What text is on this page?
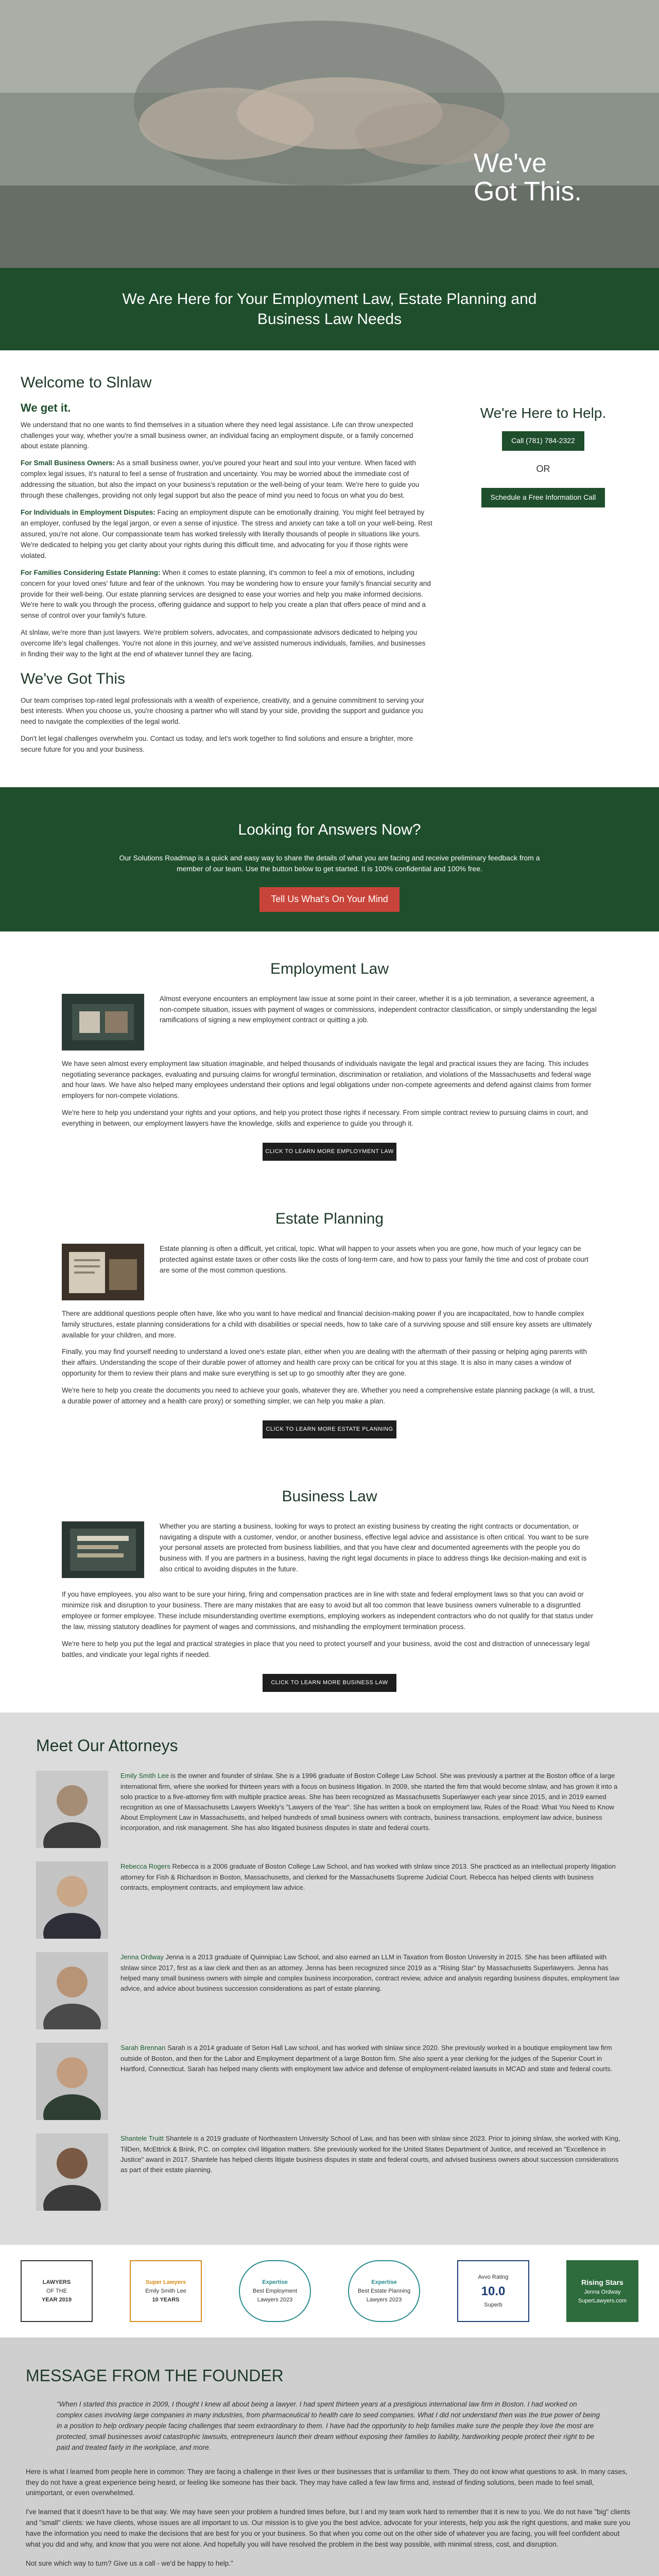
We've
Got This.
We Are Here for Your Employment Law, Estate Planning and Business Law Needs
Welcome to Slnlaw
We get it.

We understand that no one wants to find themselves in a situation where they need legal assistance. Life can throw unexpected challenges your way, whether you're a small business owner, an individual facing an employment dispute, or a family concerned about estate planning.

For Small Business Owners: As a small business owner, you've poured your heart and soul into your venture. When faced with complex legal issues, it's natural to feel a sense of frustration and uncertainty. You may be worried about the immediate cost of addressing the situation, but also the impact on your business's reputation or the well-being of your team. We're here to guide you through these challenges, providing not only legal support but also the peace of mind you need to focus on what you do best.

For Individuals in Employment Disputes: Facing an employment dispute can be emotionally draining. You might feel betrayed by an employer, confused by the legal jargon, or even a sense of injustice. The stress and anxiety can take a toll on your well-being. Rest assured, you're not alone. Our compassionate team has worked tirelessly with literally thousands of people in situations like yours. We're dedicated to helping you get clarity about your rights during this difficult time, and advocating for you if those rights were violated.

For Families Considering Estate Planning: When it comes to estate planning, it's common to feel a mix of emotions, including concern for your loved ones' future and fear of the unknown. You may be wondering how to ensure your family's financial security and provide for their well-being. Our estate planning services are designed to ease your worries and help you make informed decisions. We're here to walk you through the process, offering guidance and support to help you create a plan that offers peace of mind and a sense of control over your family's future.

At slnlaw, we're more than just lawyers. We're problem solvers, advocates, and compassionate advisors dedicated to helping you overcome life's legal challenges. You're not alone in this journey, and we've assisted numerous individuals, families, and businesses in finding their way to the light at the end of whatever tunnel they are facing.

We've Got This

Our team comprises top-rated legal professionals with a wealth of experience, creativity, and a genuine commitment to serving your best interests. When you choose us, you're choosing a partner who will stand by your side, providing the support and guidance you need to navigate the complexities of the legal world.

Don't let legal challenges overwhelm you. Contact us today, and let's work together to find solutions and ensure a brighter, more secure future for you and your business.

We're Here to Help.
Call (781) 784-2322
OR
Schedule a Free Information Call
Looking for Answers Now?

Our Solutions Roadmap is a quick and easy way to share the details of what you are facing and receive preliminary feedback from a member of our team. Use the button below to get started. It is 100% confidential and 100% free.

Tell Us What's On Your Mind
Employment Law

Almost everyone encounters an employment law issue at some point in their career, whether it is a job termination, a severance agreement, a non-compete situation, issues with payment of wages or commissions, independent contractor classification, or simply understanding the legal ramifications of signing a new employment contract or quitting a job.

We have seen almost every employment law situation imaginable, and helped thousands of individuals navigate the legal and practical issues they are facing. This includes negotiating severance packages, evaluating and pursuing claims for wrongful termination, discrimination or retaliation, and violations of the Massachusetts and federal wage and hour laws. We have also helped many employees understand their options and legal obligations under non-compete agreements and defend against claims from former employers for non-compete violations.

We're here to help you understand your rights and your options, and help you protect those rights if necessary. From simple contract review to pursuing claims in court, and everything in between, our employment lawyers have the knowledge, skills and experience to guide you through it.

CLICK TO LEARN MORE EMPLOYMENT LAW
Estate Planning

Estate planning is often a difficult, yet critical, topic. What will happen to your assets when you are gone, how much of your legacy can be protected against estate taxes or other costs like the costs of long-term care, and how to pass your family the time and cost of probate court are some of the most common questions.

There are additional questions people often have, like who you want to have medical and financial decision-making power if you are incapacitated, how to handle complex family structures, estate planning considerations for a child with disabilities or special needs, how to take care of a surviving spouse and still ensure key assets are ultimately available for your children, and more.

Finally, you may find yourself needing to understand a loved one's estate plan, either when you are dealing with the aftermath of their passing or helping aging parents with their affairs. Understanding the scope of their durable power of attorney and health care proxy can be critical for you at this stage. It is also in many cases a window of opportunity for them to review their plans and make sure everything is set up to go smoothly after they are gone.

We're here to help you create the documents you need to achieve your goals, whatever they are. Whether you need a comprehensive estate planning package (a will, a trust, a durable power of attorney and a health care proxy) or something simpler, we can help you make a plan.

CLICK TO LEARN MORE ESTATE PLANNING
Business Law

Whether you are starting a business, looking for ways to protect an existing business by creating the right contracts or documentation, or navigating a dispute with a customer, vendor, or another business, effective legal advice and assistance is often critical. You want to be sure your personal assets are protected from business liabilities, and that you have clear and documented agreements with the people you do business with. If you are partners in a business, having the right legal documents in place to address things like decision-making and exit is also critical to avoiding disputes in the future.

If you have employees, you also want to be sure your hiring, firing and compensation practices are in line with state and federal employment laws so that you can avoid or minimize risk and disruption to your business. There are many mistakes that are easy to avoid but all too common that leave business owners vulnerable to a disgruntled employee or former employee. These include misunderstanding overtime exemptions, employing workers as independent contractors who do not qualify for that status under the law, missing statutory deadlines for payment of wages and commissions, and mishandling the employment termination process.

We're here to help you put the legal and practical strategies in place that you need to protect yourself and your business, avoid the cost and distraction of unnecessary legal battles, and vindicate your legal rights if needed.

CLICK TO LEARN MORE BUSINESS LAW
Meet Our Attorneys

Emily Smith Lee is the owner and founder of slnlaw. She is a 1996 graduate of Boston College Law School. She was previously a partner at the Boston office of a large international firm, where she worked for thirteen years with a focus on business litigation. In 2009, she started the firm that would become slnlaw, and has grown it into a solo practice to a five-attorney firm with multiple practice areas. She has been recognized as Massachusetts Superlawyer each year since 2015, and in 2019 earned recognition as one of Massachusetts Lawyers Weekly's "Lawyers of the Year". She has written a book on employment law, Rules of the Road: What You Need to Know About Employment Law in Massachusetts, and helped hundreds of small business owners with contracts, business transactions, employment law advice, business incorporation, and risk management. She has also litigated business disputes in state and federal courts.

Rebecca Rogers Rebecca is a 2006 graduate of Boston College Law School, and has worked with slnlaw since 2013. She practiced as an intellectual property litigation attorney for Fish & Richardson in Boston, Massachusetts, and clerked for the Massachusetts Supreme Judicial Court. Rebecca has helped clients with business contracts, employment contracts, and employment law advice.

Jenna Ordway Jenna is a 2013 graduate of Quinnipiac Law School, and also earned an LLM in Taxation from Boston University in 2015. She has been affiliated with slnlaw since 2017, first as a law clerk and then as an attorney. Jenna has been recognized since 2019 as a "Rising Star" by Massachusetts Superlawyers. Jenna has helped many small business owners with simple and complex business incorporation, contract review, advice and analysis regarding business disputes, employment law advice, and advice about business succession considerations as part of estate planning.

Sarah Brennan Sarah is a 2014 graduate of Seton Hall Law school, and has worked with slnlaw since 2020. She previously worked in a boutique employment law firm outside of Boston, and then for the Labor and Employment department of a large Boston firm. She also spent a year clerking for the judges of the Superior Court in Hartford, Connecticut. Sarah has helped many clients with employment law advice and defense of employment-related lawsuits in MCAD and state and federal courts.

Shantele Truitt Shantele is a 2019 graduate of Northeastern University School of Law, and has been with slnlaw since 2023. Prior to joining slnlaw, she worked with King, TilDen, McEttrick & Brink, P.C. on complex civil litigation matters. She previously worked for the United States Department of Justice, and received an "Excellence in Justice" award in 2017. Shantele has helped clients litigate business disputes in state and federal courts, and advised business owners about succession considerations as part of their estate planning.

LAWYERS
OF THE
YEAR 2019
Super Lawyers
Emily Smith Lee
10 YEARS
Expertise
Best Employment
Lawyers 2023
Expertise
Best Estate Planning
Lawyers 2023
Avvo Rating
10.0
Superb
Rising Stars
Jenna Ordway
SuperLawyers.com
MESSAGE FROM THE FOUNDER

"When I started this practice in 2009, I thought I knew all about being a lawyer. I had spent thirteen years at a prestigious international law firm in Boston. I had worked on complex cases involving large companies in many industries, from pharmaceutical to health care to seed companies. What I did not understand then was the true power of being in a position to help ordinary people facing challenges that seem extraordinary to them. I have had the opportunity to help families make sure the people they love the most are protected, small businesses avoid catastrophic lawsuits, entrepreneurs launch their dream without exposing their families to liability, hardworking people protect their right to be paid and treated fairly in the workplace, and more.

Here is what I learned from people here in common: They are facing a challenge in their lives or their businesses that is unfamiliar to them. They do not know what questions to ask. In many cases, they do not have a great experience being heard, or feeling like someone has their back. They may have called a few law firms and, instead of finding solutions, been made to feel small, unimportant, or even overwhelmed.

I've learned that it doesn't have to be that way. We may have seen your problem a hundred times before, but I and my team work hard to remember that it is new to you. We do not have "big" clients and "small" clients: we have clients, whose issues are all important to us. Our mission is to give you the best advice, advocate for your interests, help you ask the right questions, and make sure you have the information you need to make the decisions that are best for you or your business. So that when you come out on the other side of whatever you are facing, you will feel confident about what you did and why, and know that you were not alone. And hopefully you will have resolved the problem in the best way possible, with minimal stress, cost, and disruption.

Not sure which way to turn? Give us a call - we'd be happy to help."
